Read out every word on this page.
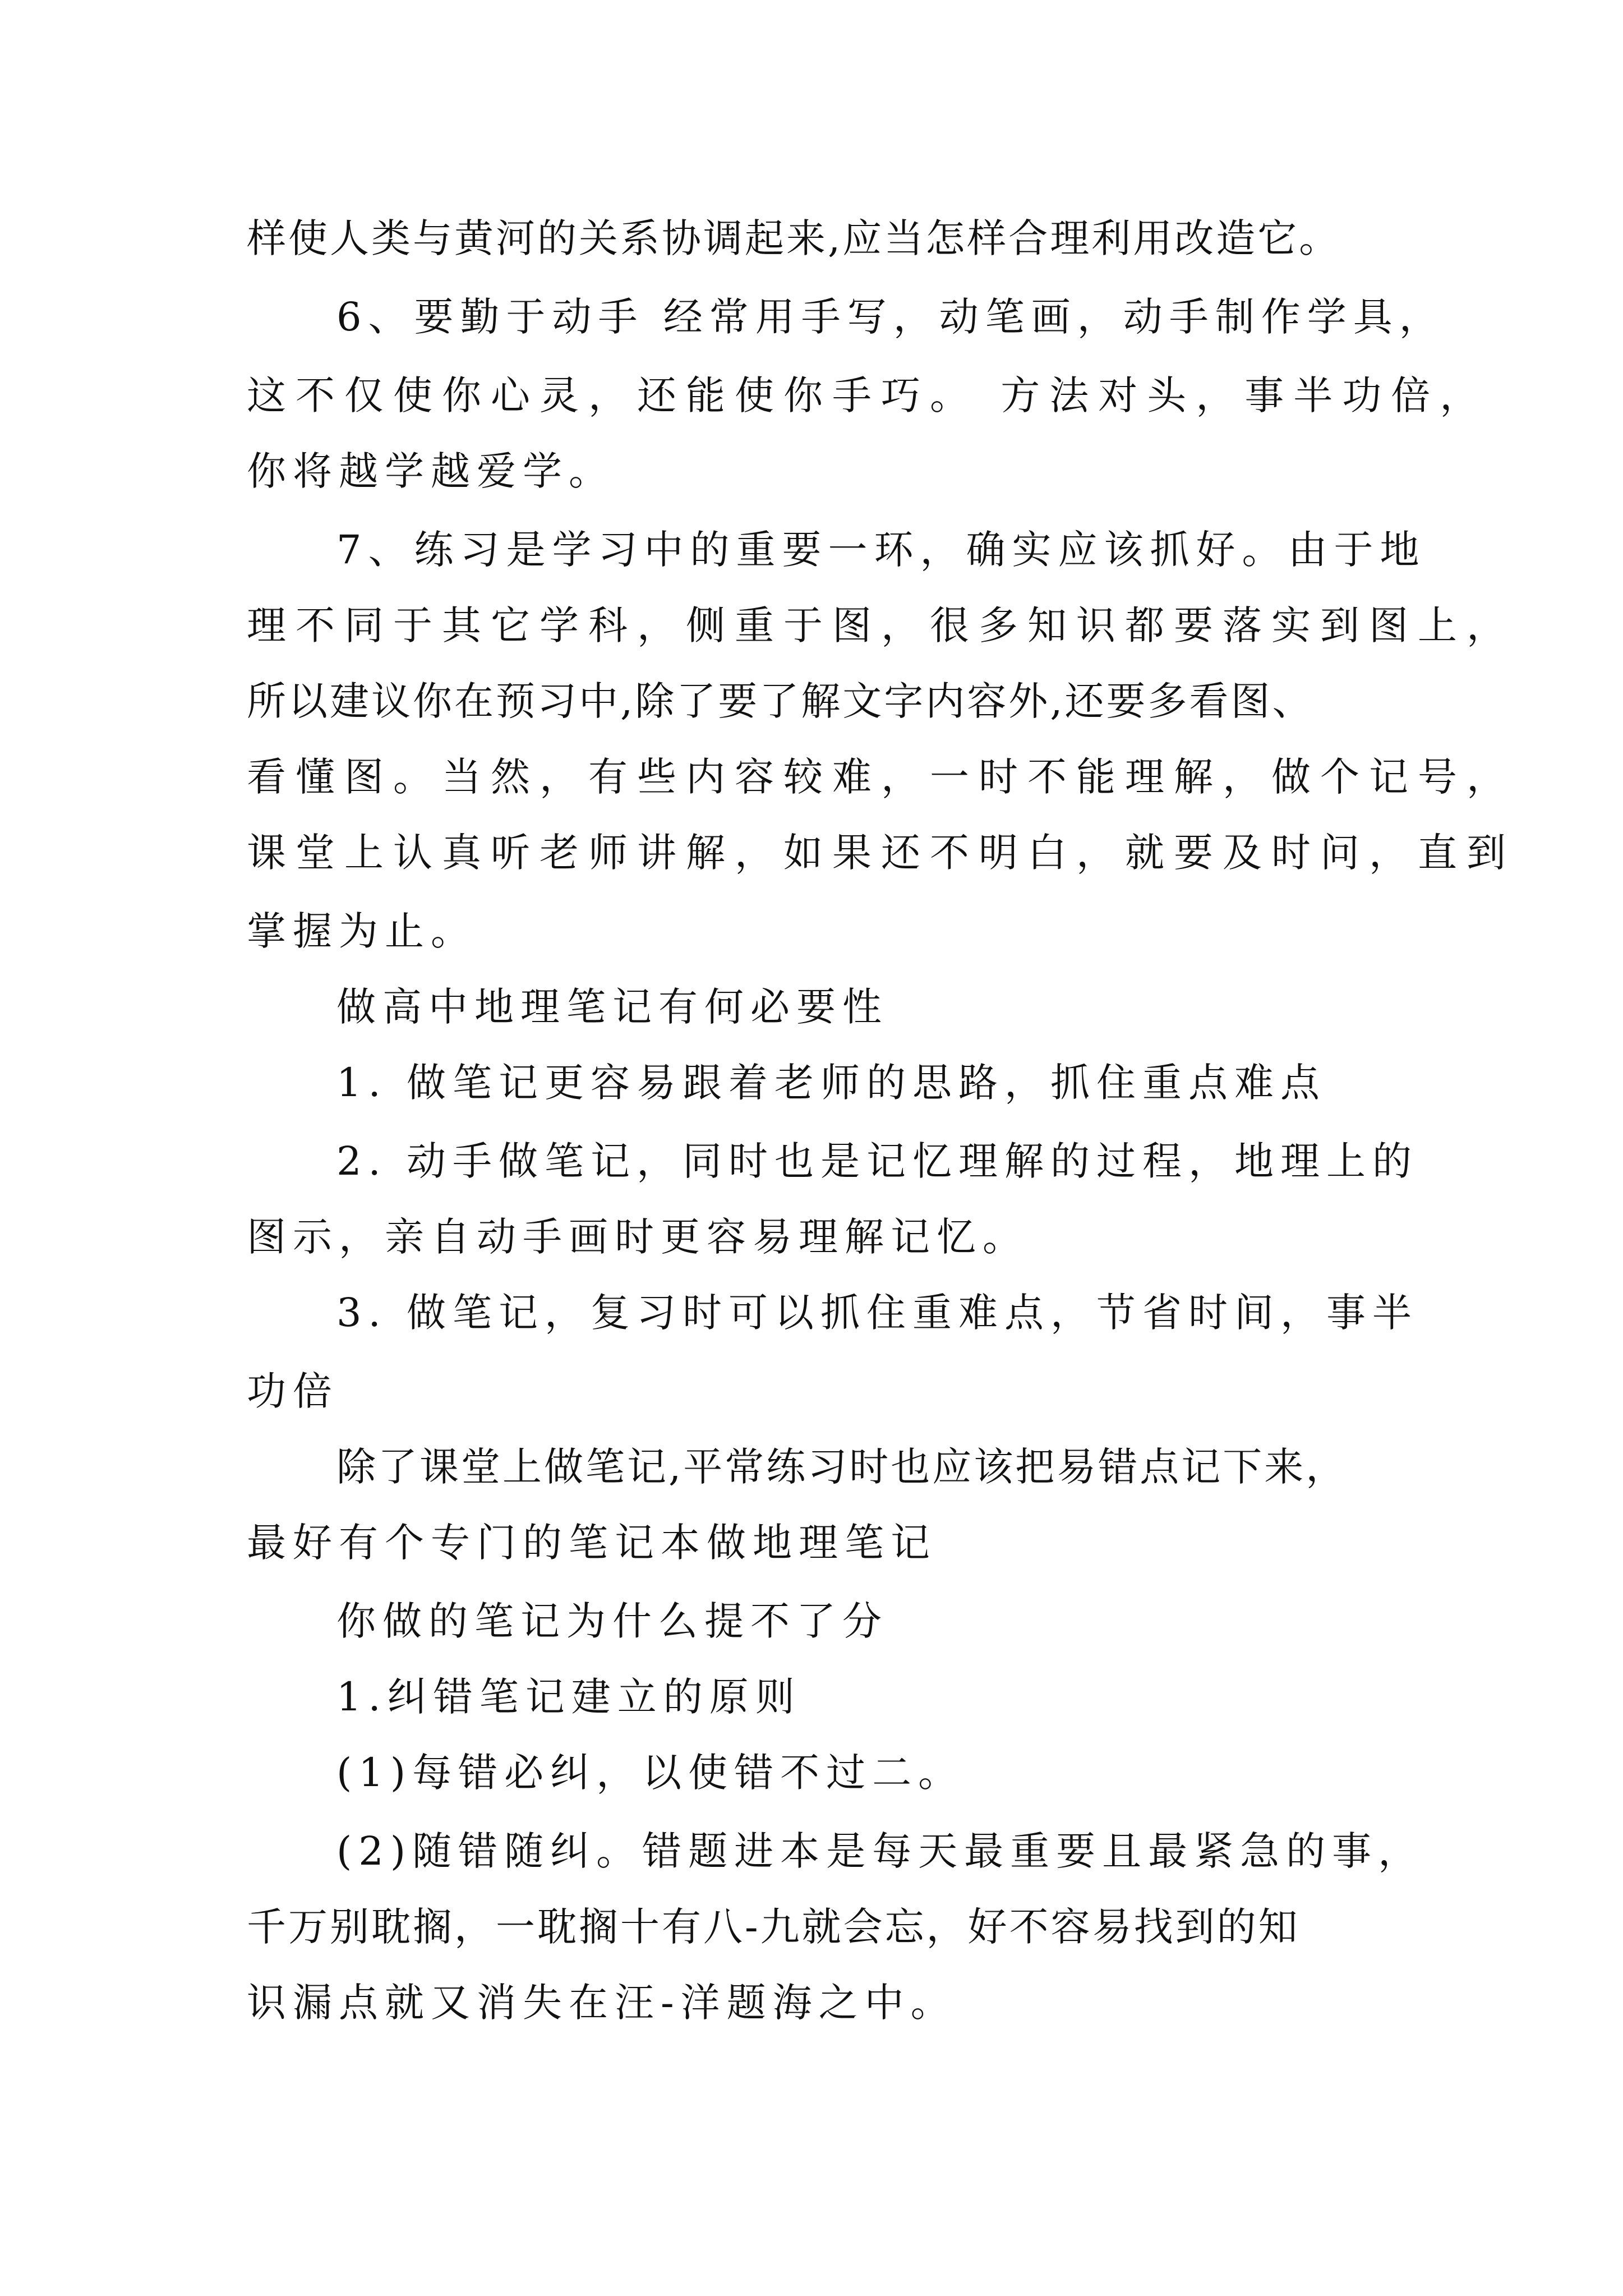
样使人类与黄河的关系协调起来,应当怎样合理利用改造它。
6、要勤于动手 经常用手写，动笔画，动手制作学具，
这不仅使你心灵，还能使你手巧。 方法对头，事半功倍，
你将越学越爱学。
7、练习是学习中的重要一环，确实应该抓好。由于地
理不同于其它学科，侧重于图，很多知识都要落实到图上，
所以建议你在预习中,除了要了解文字内容外,还要多看图、
看懂图。当然，有些内容较难，一时不能理解，做个记号，
课堂上认真听老师讲解，如果还不明白，就要及时问，直到
掌握为止。
做高中地理笔记有何必要性
1. 做笔记更容易跟着老师的思路，抓住重点难点
2. 动手做笔记，同时也是记忆理解的过程，地理上的
图示，亲自动手画时更容易理解记忆。
3. 做笔记，复习时可以抓住重难点，节省时间，事半
功倍
除了课堂上做笔记,平常练习时也应该把易错点记下来，
最好有个专门的笔记本做地理笔记
你做的笔记为什么提不了分
1.纠错笔记建立的原则
(1)每错必纠，以使错不过二。
(2)随错随纠。错题进本是每天最重要且最紧急的事，
千万别耽搁，一耽搁十有八-九就会忘，好不容易找到的知
识漏点就又消失在汪-洋题海之中。
